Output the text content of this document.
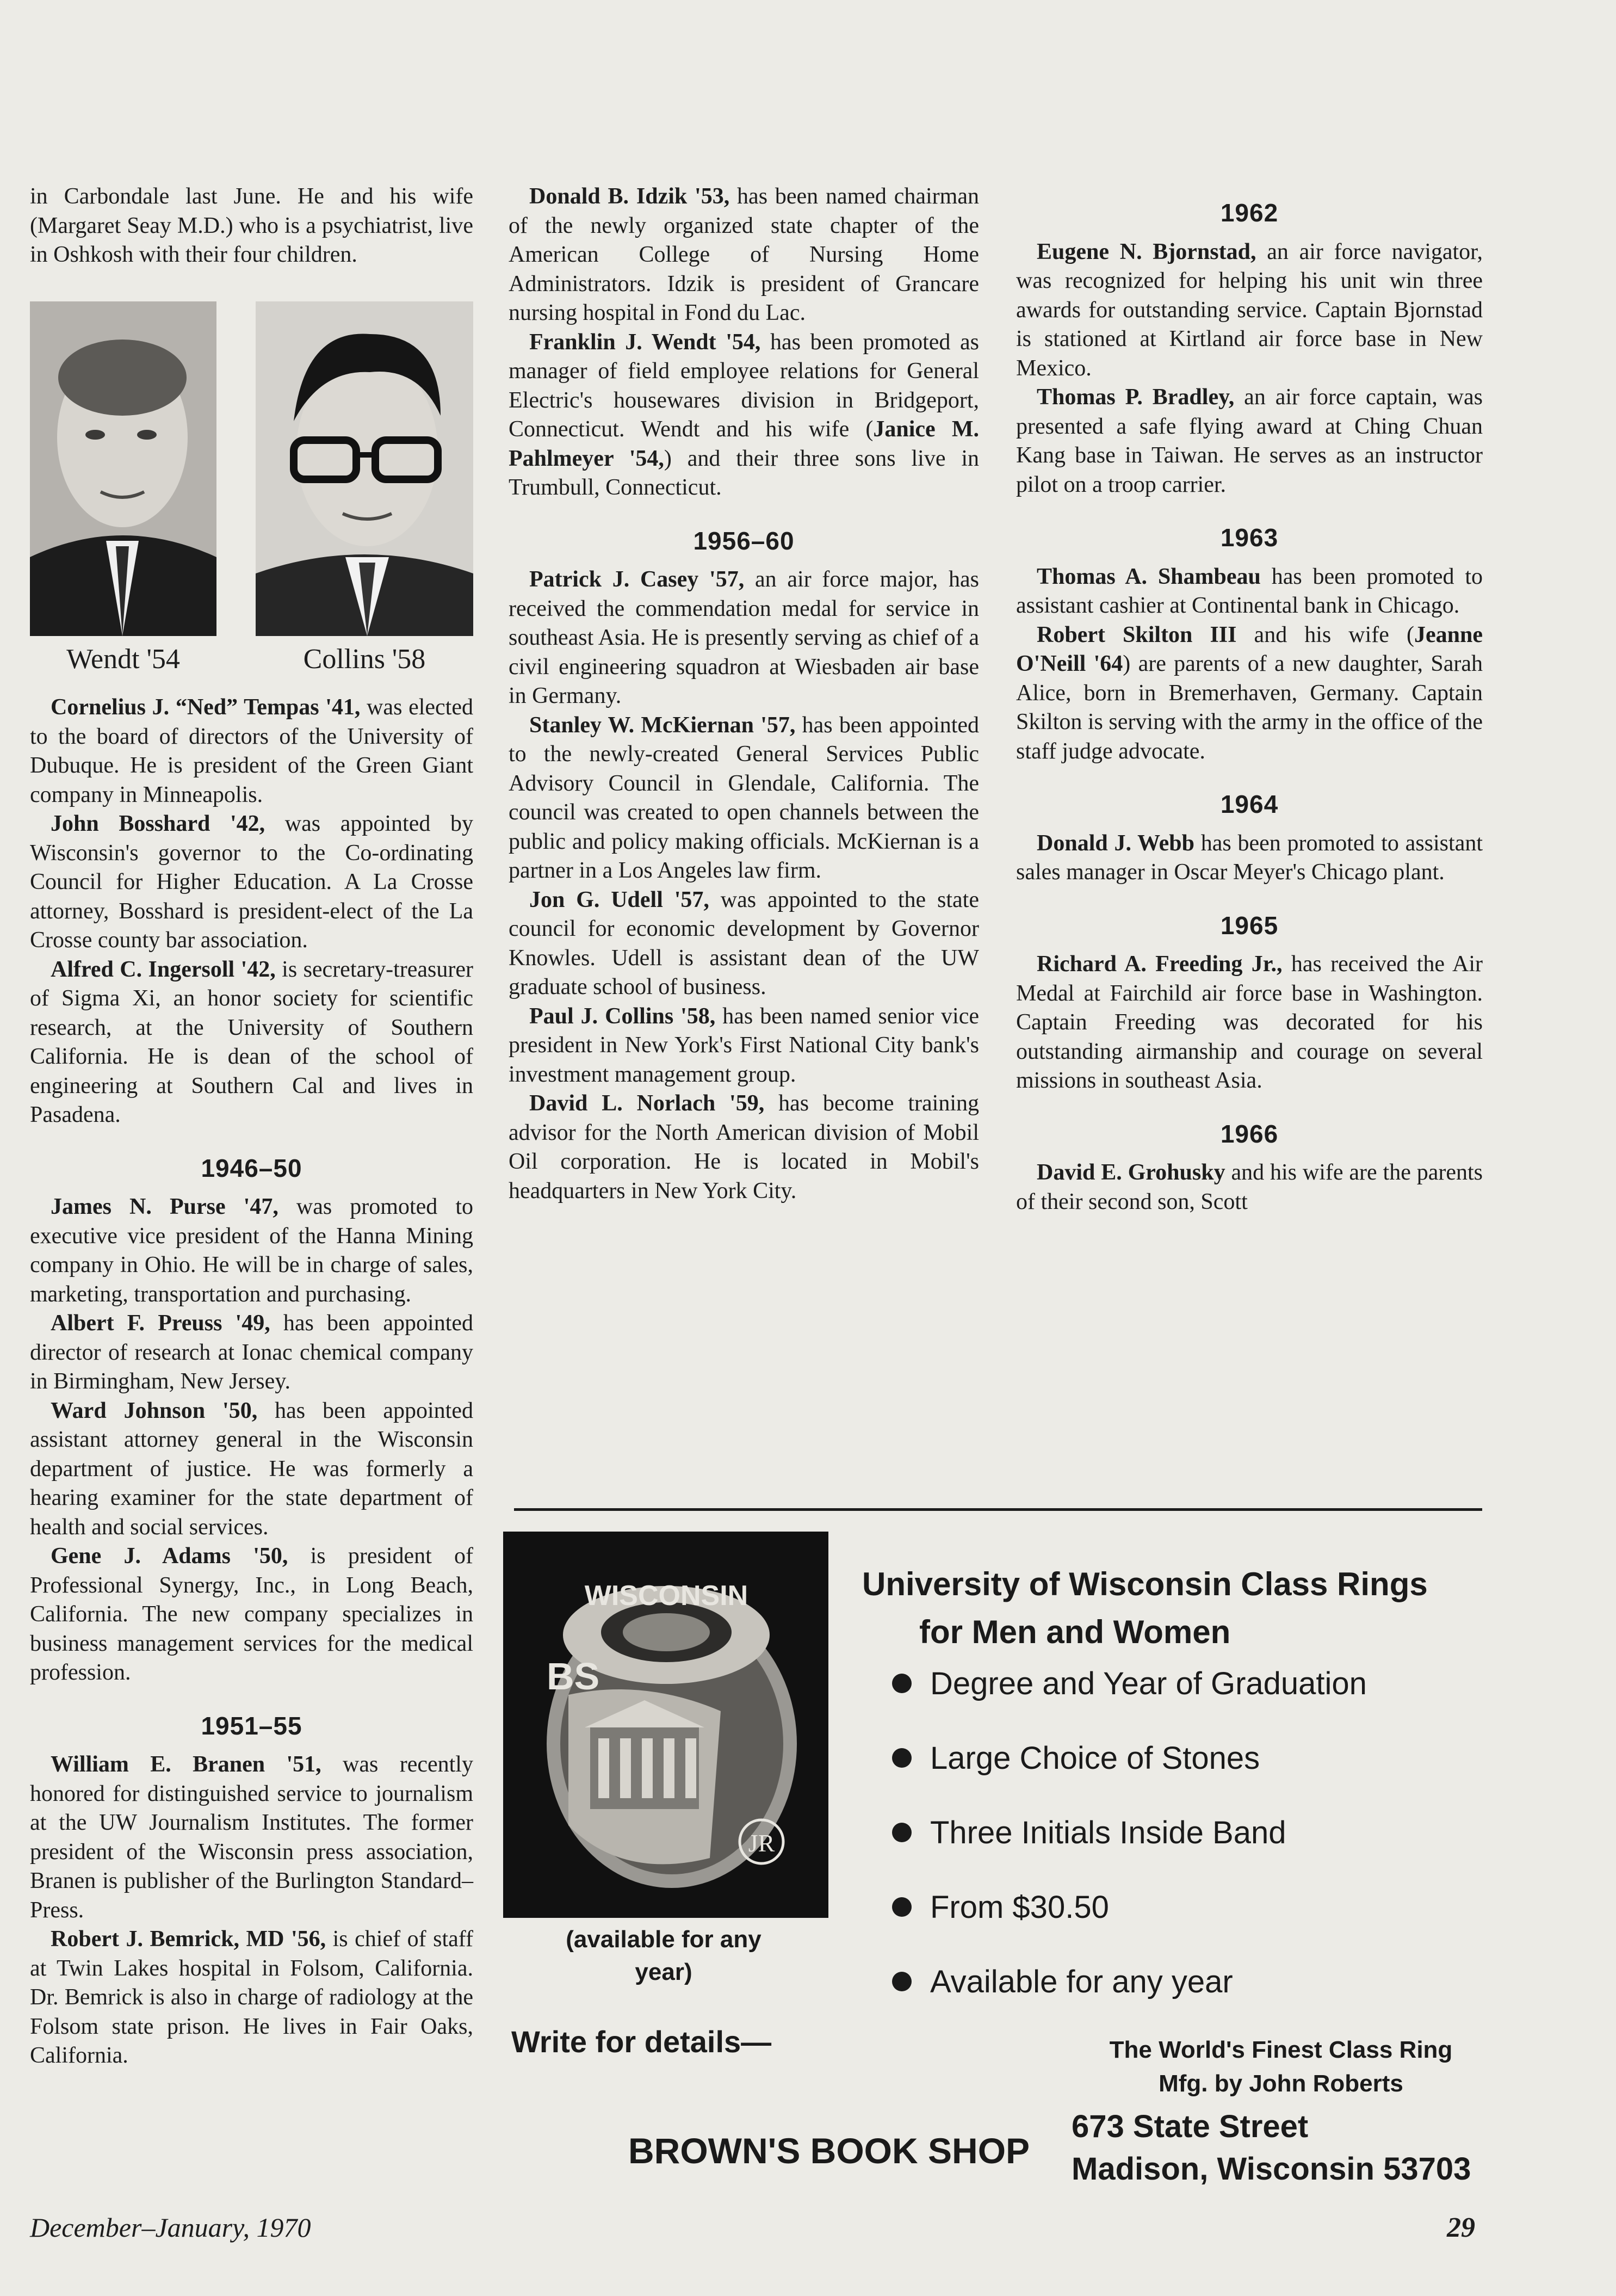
in Carbondale last June. He and his wife (Margaret Seay M.D.) who is a psychiatrist, live in Oshkosh with their four children.

Wendt '54	Collins '58

Cornelius J. “Ned” Tempas '41, was elected to the board of directors of the University of Dubuque. He is president of the Green Giant company in Minneapolis.

John Bosshard '42, was appointed by Wisconsin's governor to the Co-ordinating Council for Higher Education. A La Crosse attorney, Bosshard is president-elect of the La Crosse county bar association.

Alfred C. Ingersoll '42, is secretary-treasurer of Sigma Xi, an honor society for scientific research, at the University of Southern California. He is dean of the school of engineering at Southern Cal and lives in Pasadena.

1946–50

James N. Purse '47, was promoted to executive vice president of the Hanna Mining company in Ohio. He will be in charge of sales, marketing, transportation and purchasing.

Albert F. Preuss '49, has been appointed director of research at Ionac chemical company in Birmingham, New Jersey.

Ward Johnson '50, has been appointed assistant attorney general in the Wisconsin department of justice. He was formerly a hearing examiner for the state department of health and social services.

Gene J. Adams '50, is president of Professional Synergy, Inc., in Long Beach, California. The new company specializes in business management services for the medical profession.

1951–55

William E. Branen '51, was recently honored for distinguished service to journalism at the UW Journalism Institutes. The former president of the Wisconsin press association, Branen is publisher of the Burlington Standard–Press.

Robert J. Bemrick, MD '56, is chief of staff at Twin Lakes hospital in Folsom, California. Dr. Bemrick is also in charge of radiology at the Folsom state prison. He lives in Fair Oaks, California.

Donald B. Idzik '53, has been named chairman of the newly organized state chapter of the American College of Nursing Home Administrators. Idzik is president of Grancare nursing hospital in Fond du Lac.

Franklin J. Wendt '54, has been promoted as manager of field employee relations for General Electric's housewares division in Bridgeport, Connecticut. Wendt and his wife (Janice M. Pahlmeyer '54,) and their three sons live in Trumbull, Connecticut.

1956–60

Patrick J. Casey '57, an air force major, has received the commendation medal for service in southeast Asia. He is presently serving as chief of a civil engineering squadron at Wiesbaden air base in Germany.

Stanley W. McKiernan '57, has been appointed to the newly-created General Services Public Advisory Council in Glendale, California. The council was created to open channels between the public and policy making officials. McKiernan is a partner in a Los Angeles law firm.

Jon G. Udell '57, was appointed to the state council for economic development by Governor Knowles. Udell is assistant dean of the UW graduate school of business.

Paul J. Collins '58, has been named senior vice president in New York's First National City bank's investment management group.

David L. Norlach '59, has become training advisor for the North American division of Mobil Oil corporation. He is located in Mobil's headquarters in New York City.

1962

Eugene N. Bjornstad, an air force navigator, was recognized for helping his unit win three awards for outstanding service. Captain Bjornstad is stationed at Kirtland air force base in New Mexico.

Thomas P. Bradley, an air force captain, was presented a safe flying award at Ching Chuan Kang base in Taiwan. He serves as an instructor pilot on a troop carrier.

1963

Thomas A. Shambeau has been promoted to assistant cashier at Continental bank in Chicago.

Robert Skilton III and his wife (Jeanne O'Neill '64) are parents of a new daughter, Sarah Alice, born in Bremerhaven, Germany. Captain Skilton is serving with the army in the office of the staff judge advocate.

1964

Donald J. Webb has been promoted to assistant sales manager in Oscar Meyer's Chicago plant.

1965

Richard A. Freeding Jr., has received the Air Medal at Fairchild air force base in Washington. Captain Freeding was decorated for his outstanding airmanship and courage on several missions in southeast Asia.

1966

David E. Grohusky and his wife are the parents of their second son, Scott

WISCONSIN
BS
JR
University of Wisconsin Class Rings
for Men and Women
Degree and Year of Graduation
Large Choice of Stones
Three Initials Inside Band
From $30.50
Available for any year
(available for any year)
Write for details—	The World's Finest Class Ring
Mfg. by John Roberts
BROWN'S BOOK SHOP
673 State Street
Madison, Wisconsin 53703
December–January, 1970	29
